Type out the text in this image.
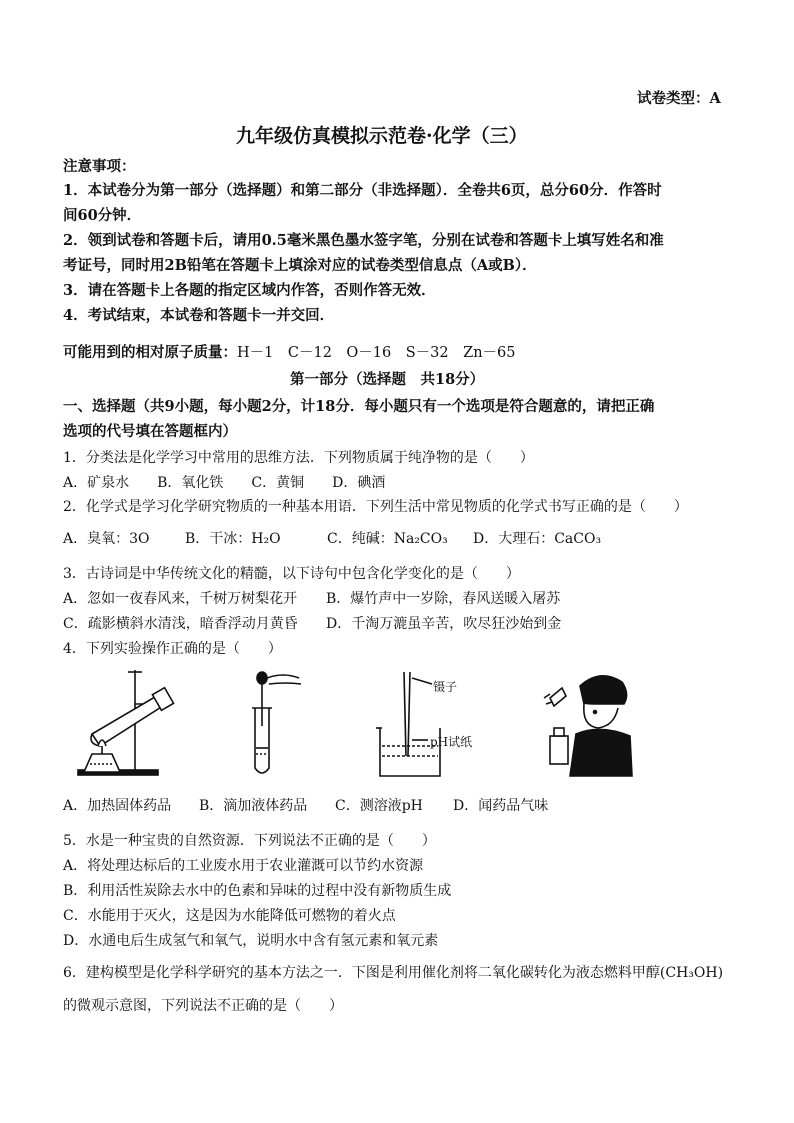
试卷类型：A
九年级仿真模拟示范卷·化学（三）
注意事项：
1．本试卷分为第一部分（选择题）和第二部分（非选择题）．全卷共6页，总分60分．作答时
间60分钟．
2．领到试卷和答题卡后，请用0.5毫米黑色墨水签字笔，分别在试卷和答题卡上填写姓名和准
考证号，同时用2B铅笔在答题卡上填涂对应的试卷类型信息点（A或B）．
3．请在答题卡上各题的指定区域内作答，否则作答无效．
4．考试结束，本试卷和答题卡一并交回．
可能用到的相对原子质量：H－1　C－12　O－16　S－32　Zn－65
第一部分（选择题　共18分）
一、选择题（共9小题，每小题2分，计18分．每小题只有一个选项是符合题意的，请把正确
选项的代号填在答题框内）
1．分类法是化学学习中常用的思维方法．下列物质属于纯净物的是（　　）
A．矿泉水　　B．氧化铁　　C．黄铜　　D．碘酒
2．化学式是学习化学研究物质的一种基本用语．下列生活中常见物质的化学式书写正确的是（　　）
A．臭氧：3O	B．干冰：H₂O	C．纯碱：Na₂CO₃ D．大理石：CaCO₃
3．古诗词是中华传统文化的精髓，以下诗句中包含化学变化的是（　　）
A．忽如一夜春风来，千树万树梨花开 B．爆竹声中一岁除，春风送暖入屠苏
C．疏影横斜水清浅，暗香浮动月黄昏 D．千淘万漉虽辛苦，吹尽狂沙始到金
4．下列实验操作正确的是（　　）
镊子
pH试纸
A．加热固体药品 B．滴加液体药品 C．测溶液pH D．闻药品气味
5．水是一种宝贵的自然资源．下列说法不正确的是（　　）
A．将处理达标后的工业废水用于农业灌溉可以节约水资源
B．利用活性炭除去水中的色素和异味的过程中没有新物质生成
C．水能用于灭火，这是因为水能降低可燃物的着火点
D．水通电后生成氢气和氧气，说明水中含有氢元素和氧元素
6．建构模型是化学科学研究的基本方法之一．下图是利用催化剂将二氧化碳转化为液态燃料甲醇(CH₃OH)
的微观示意图，下列说法不正确的是（　　）
